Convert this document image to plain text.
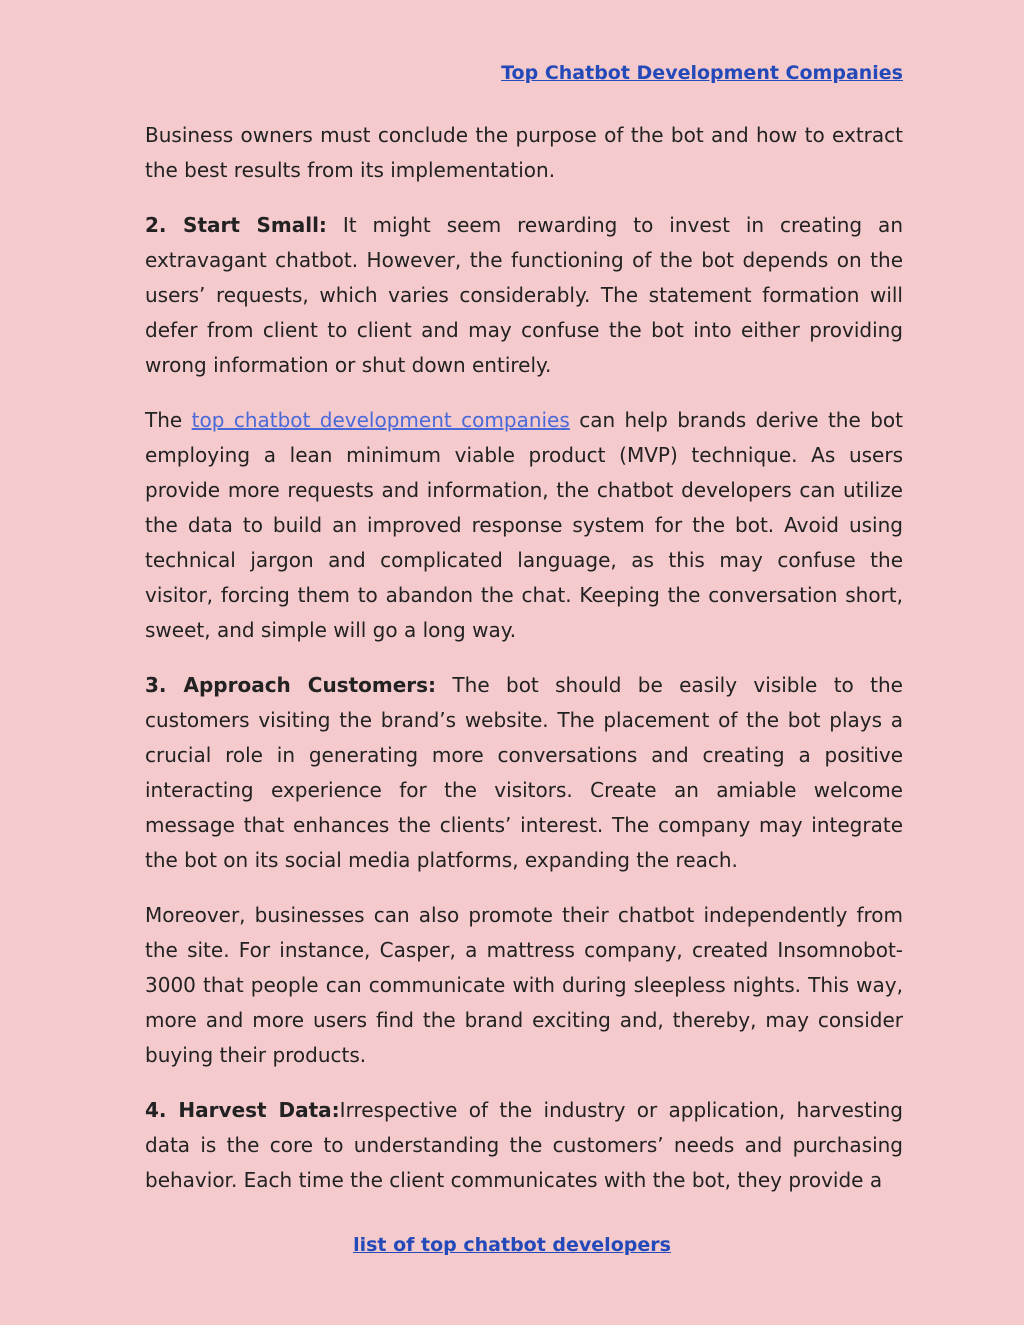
Top Chatbot Development Companies

Business owners must conclude the purpose of the bot and how to extract the best results from its implementation.

2. Start Small: It might seem rewarding to invest in creating an extravagant chatbot. However, the functioning of the bot depends on the users’ requests, which varies considerably. The statement formation will defer from client to client and may confuse the bot into either providing wrong information or shut down entirely.

The top chatbot development companies can help brands derive the bot employing a lean minimum viable product (MVP) technique. As users provide more requests and information, the chatbot developers can utilize the data to build an improved response system for the bot. Avoid using technical jargon and complicated language, as this may confuse the visitor, forcing them to abandon the chat. Keeping the conversation short, sweet, and simple will go a long way.

3. Approach Customers: The bot should be easily visible to the customers visiting the brand’s website. The placement of the bot plays a crucial role in generating more conversations and creating a positive interacting experience for the visitors. Create an amiable welcome message that enhances the clients’ interest. The company may integrate the bot on its social media platforms, expanding the reach.

Moreover, businesses can also promote their chatbot independently from the site. For instance, Casper, a mattress company, created Insomnobot-3000 that people can communicate with during sleepless nights. This way, more and more users find the brand exciting and, thereby, may consider buying their products.

4. Harvest Data:Irrespective of the industry or application, harvesting data is the core to understanding the customers’ needs and purchasing behavior. Each time the client communicates with the bot, they provide a

list of top chatbot developers
